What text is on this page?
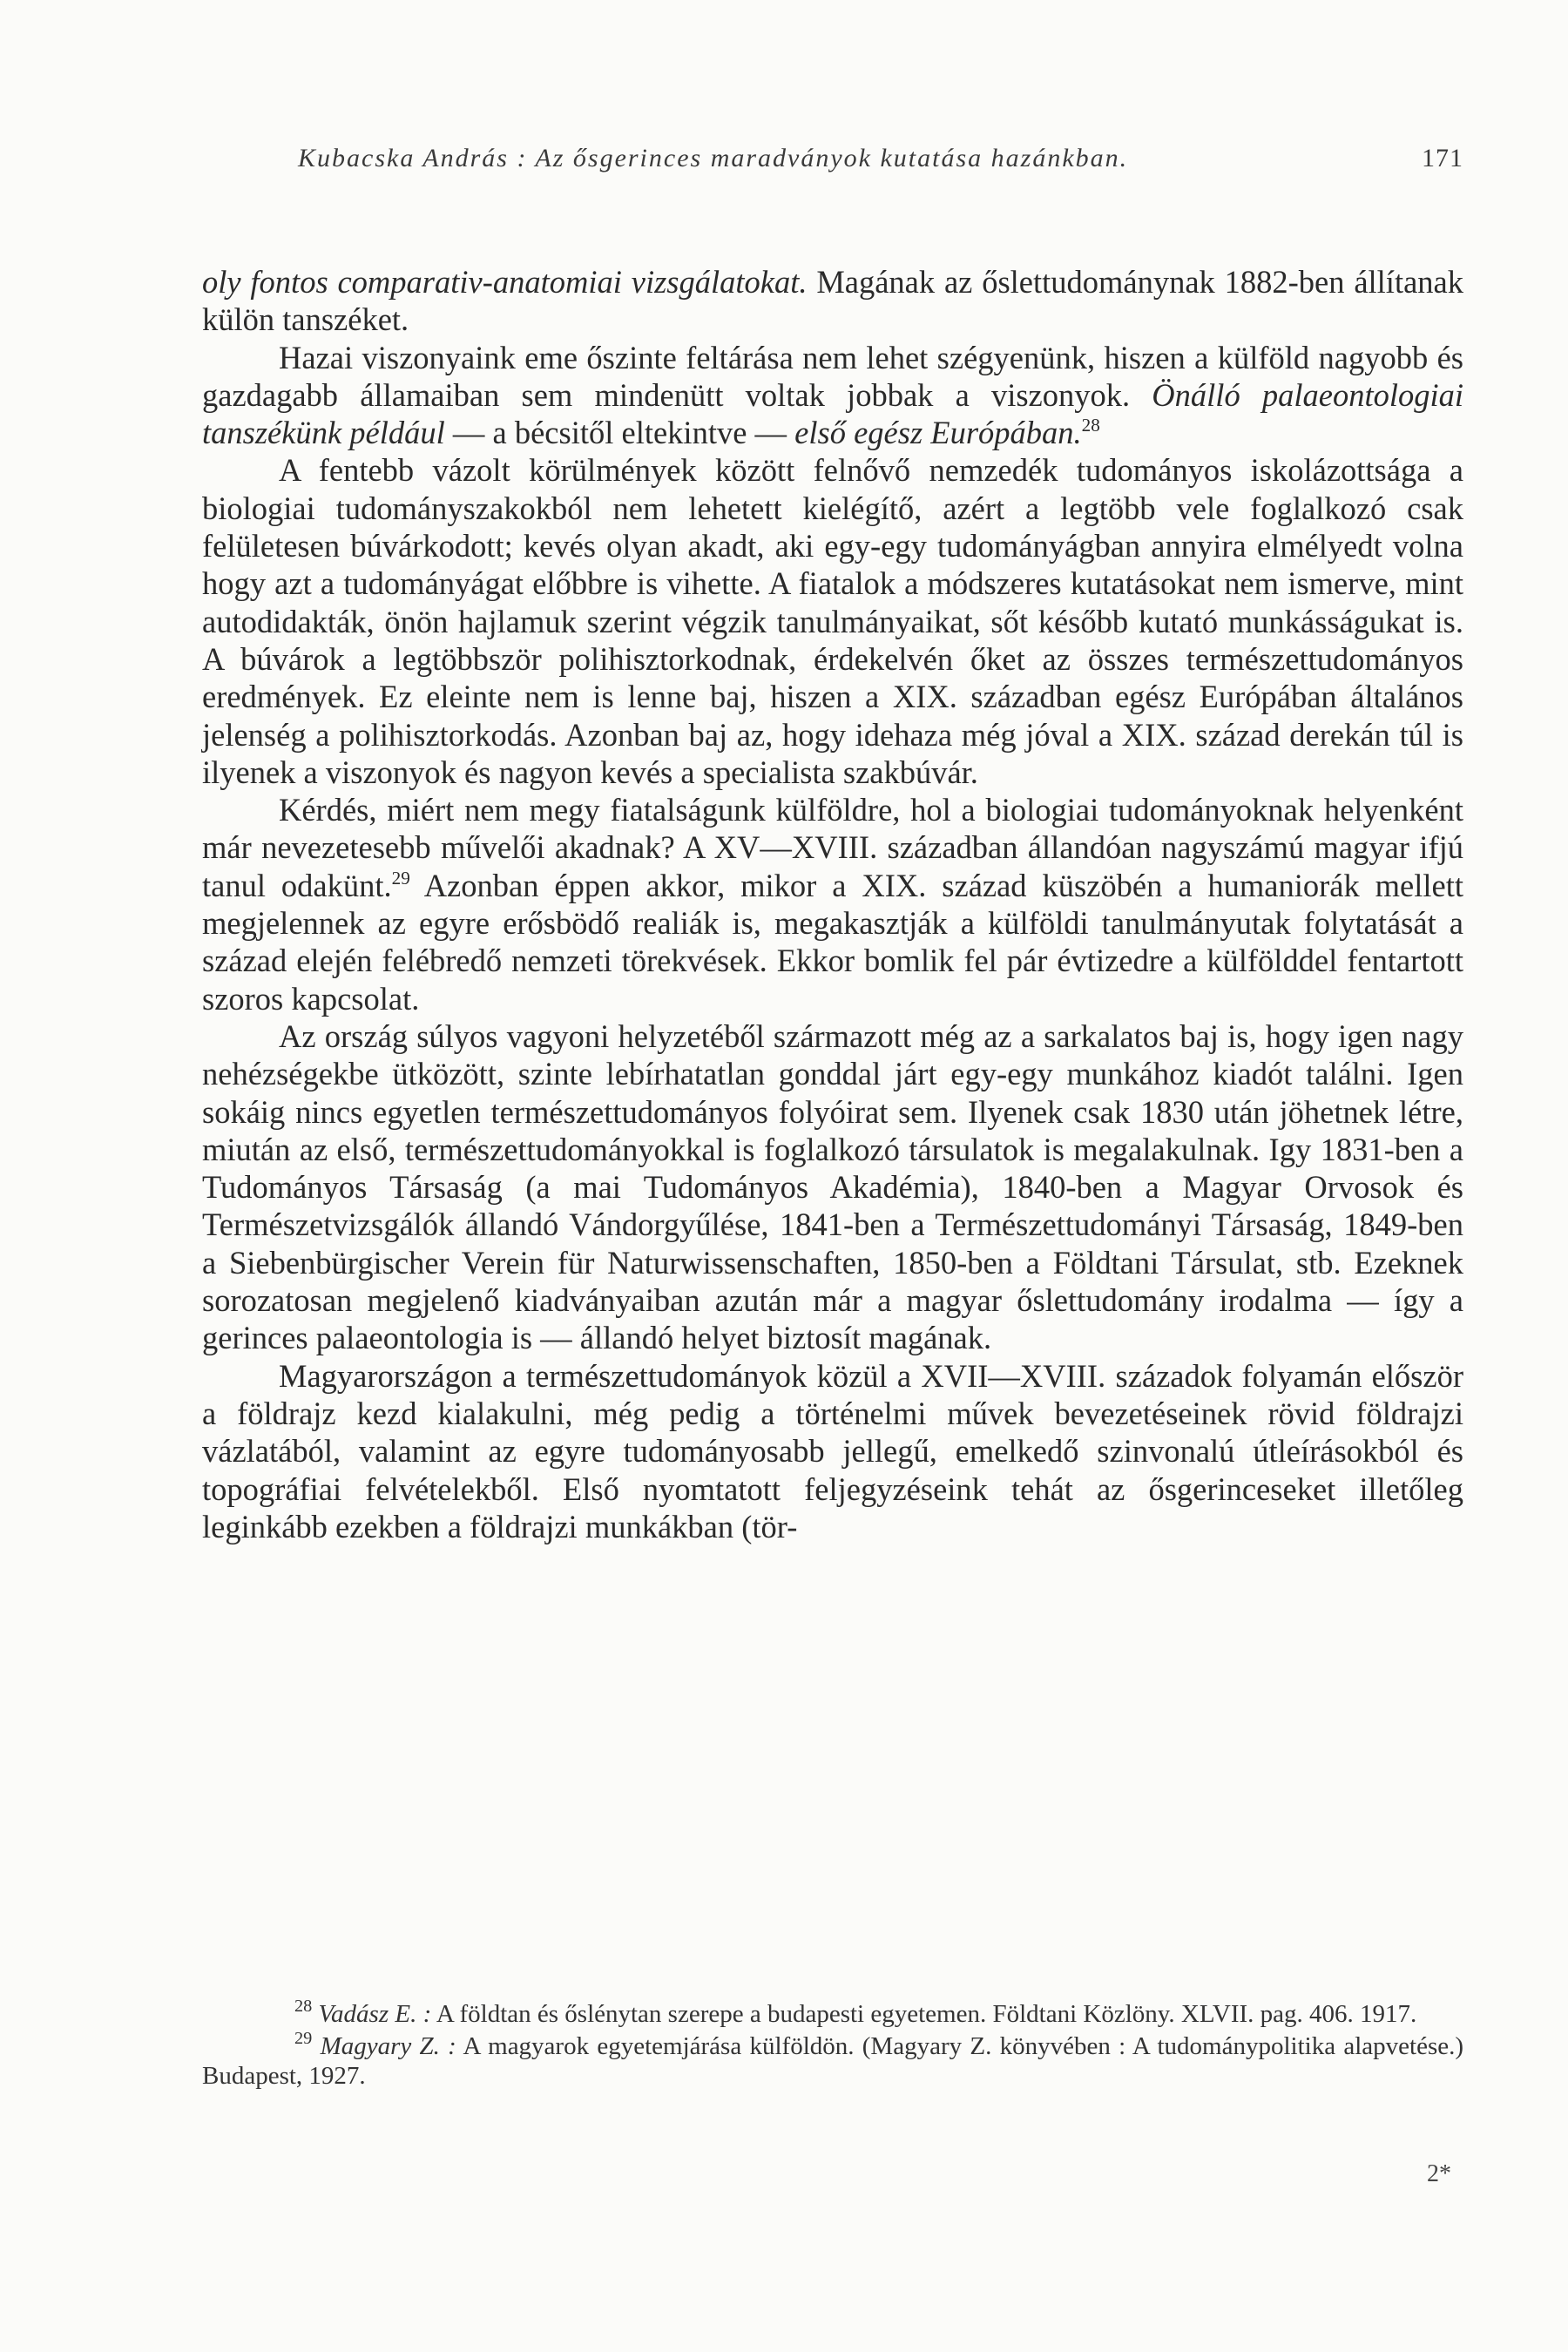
Kubacska András : Az ősgerinces maradványok kutatása hazánkban.	171

oly fontos comparativ-anatomiai vizsgálatokat. Magának az őslettudománynak 1882-ben állítanak külön tanszéket.

Hazai viszonyaink eme őszinte feltárása nem lehet szégyenünk, hiszen a külföld nagyobb és gazdagabb államaiban sem mindenütt voltak jobbak a viszonyok. Önálló palaeontologiai tanszékünk például — a bécsitől eltekintve — első egész Európában.$^{28}$

A fentebb vázolt körülmények között felnővő nemzedék tudományos iskolázottsága a biologiai tudományszakokból nem lehetett kielégítő, azért a legtöbb vele foglalkozó csak felületesen búvárkodott; kevés olyan akadt, aki egy-egy tudományágban annyira elmélyedt volna hogy azt a tudományágat előbbre is vihette. A fiatalok a módszeres kutatásokat nem ismerve, mint autodidakták, önön hajlamuk szerint végzik tanulmányaikat, sőt később kutató munkásságukat is. A búvárok a legtöbbször polihisztorkodnak, érdekelvén őket az összes természettudományos eredmények. Ez eleinte nem is lenne baj, hiszen a XIX. században egész Európában általános jelenség a polihisztorkodás. Azonban baj az, hogy idehaza még jóval a XIX. század derekán túl is ilyenek a viszonyok és nagyon kevés a specialista szakbúvár.

Kérdés, miért nem megy fiatalságunk külföldre, hol a biologiai tudományoknak helyenként már nevezetesebb művelői akadnak? A XV—XVIII. században állandóan nagyszámú magyar ifjú tanul odakünt.$^{29}$ Azonban éppen akkor, mikor a XIX. század küszöbén a humaniorák mellett megjelennek az egyre erősbödő realiák is, megakasztják a külföldi tanulmányutak folytatását a század elején felébredő nemzeti törekvések. Ekkor bomlik fel pár évtizedre a külfölddel fentartott szoros kapcsolat.

Az ország súlyos vagyoni helyzetéből származott még az a sarkalatos baj is, hogy igen nagy nehézségekbe ütközött, szinte lebírhatatlan gonddal járt egy-egy munkához kiadót találni. Igen sokáig nincs egyetlen természettudományos folyóirat sem. Ilyenek csak 1830 után jöhetnek létre, miután az első, természettudományokkal is foglalkozó társulatok is megalakulnak. Igy 1831-ben a Tudományos Társaság (a mai Tudományos Akadémia), 1840-ben a Magyar Orvosok és Természetvizsgálók állandó Vándorgyűlése, 1841-ben a Természettudományi Társaság, 1849-ben a Siebenbürgischer Verein für Naturwissenschaften, 1850-ben a Földtani Társulat, stb. Ezeknek sorozatosan megjelenő kiadványaiban azután már a magyar őslettudomány irodalma — így a gerinces palaeontologia is — állandó helyet biztosít magának.

Magyarországon a természettudományok közül a XVII—XVIII. századok folyamán először a földrajz kezd kialakulni, még pedig a történelmi művek bevezetéseinek rövid földrajzi vázlatából, valamint az egyre tudományosabb jellegű, emelkedő szinvonalú útleírásokból és topográfiai felvételekből. Első nyomtatott feljegyzéseink tehát az ősgerinceseket illetőleg leginkább ezekben a földrajzi munkákban (tör-

$^{28}$ Vadász E. : A földtan és őslénytan szerepe a budapesti egyetemen. Földtani Közlöny. XLVII. pag. 406. 1917.

$^{29}$ Magyary Z. : A magyarok egyetemjárása külföldön. (Magyary Z. könyvében : A tudománypolitika alapvetése.) Budapest, 1927.

2*
